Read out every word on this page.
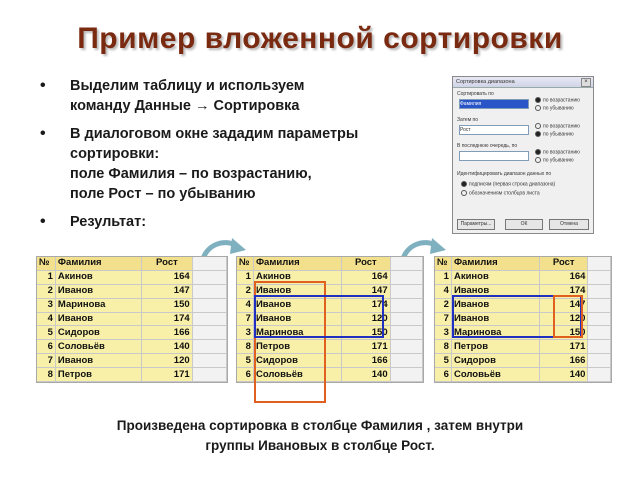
Пример вложенной сортировки
• Выделим таблицу и используем
команду Данные → Сортировка
• В диалоговом окне зададим параметры
сортировки:
поле Фамилия – по возрастанию,
поле Рост – по убыванию
• Результат:
Сортировка диапазона	×
Сортировать по
Фамилия
по возрастанию
по убыванию
Затем по
Рост
по возрастанию
по убыванию
В последнюю очередь, по
по возрастанию
по убыванию
Идентифицировать диапазон данных по
подписям (первая строка диапазона)
обозначениям столбцов листа
Параметры...	ОК	Отмена
№	Фамилия	Рост	
1	Акинов	164	
2	Иванов	147	
3	Маринова	150	
4	Иванов	174	
5	Сидоров	166	
6	Соловьёв	140	
7	Иванов	120	
8	Петров	171	
№	Фамилия	Рост	
1	Акинов	164	
2	Иванов	147	
4	Иванов	174	
7	Иванов	120	
3	Маринова	150	
8	Петров	171	
5	Сидоров	166	
6	Соловьёв	140	
№	Фамилия	Рост	
1	Акинов	164	
4	Иванов	174	
2	Иванов	147	
7	Иванов	120	
3	Маринова	150	
8	Петров	171	
5	Сидоров	166	
6	Соловьёв	140	
Произведена сортировка в столбце Фамилия , затем внутри
группы Ивановых в столбце Рост.
